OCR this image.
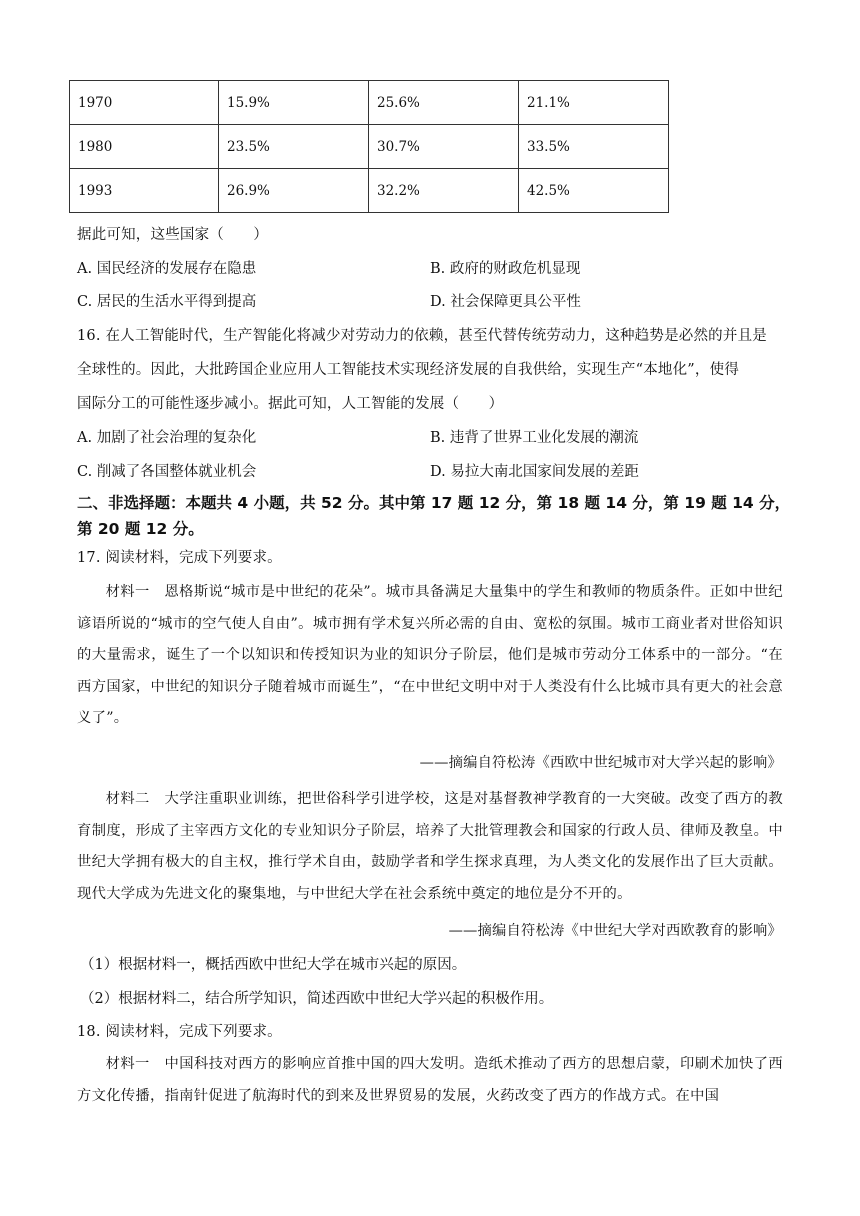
1970	15.9%	25.6%	21.1%
1980	23.5%	30.7%	33.5%
1993	26.9%	32.2%	42.5%
据此可知，这些国家（　　）
A. 国民经济的发展存在隐患	B. 政府的财政危机显现
C. 居民的生活水平得到提高	D. 社会保障更具公平性
16. 在人工智能时代，生产智能化将减少对劳动力的依赖，甚至代替传统劳动力，这种趋势是必然的并且是
全球性的。因此，大批跨国企业应用人工智能技术实现经济发展的自我供给，实现生产“本地化”，使得
国际分工的可能性逐步减小。据此可知，人工智能的发展（　　）
A. 加剧了社会治理的复杂化	B. 违背了世界工业化发展的潮流
C. 削减了各国整体就业机会	D. 易拉大南北国家间发展的差距
二、非选择题：本题共 4 小题，共 52 分。其中第 17 题 12 分，第 18 题 14 分，第 19 题 14 分，
第 20 题 12 分。
17. 阅读材料，完成下列要求。
材料一　恩格斯说“城市是中世纪的花朵”。城市具备满足大量集中的学生和教师的物质条件。正如中世纪谚语所说的“城市的空气使人自由”。城市拥有学术复兴所必需的自由、宽松的氛围。城市工商业者对世俗知识的大量需求，诞生了一个以知识和传授知识为业的知识分子阶层，他们是城市劳动分工体系中的一部分。“在西方国家，中世纪的知识分子随着城市而诞生”，“在中世纪文明中对于人类没有什么比城市具有更大的社会意义了”。
——摘编自符松涛《西欧中世纪城市对大学兴起的影响》
材料二　大学注重职业训练，把世俗科学引进学校，这是对基督教神学教育的一大突破。改变了西方的教育制度，形成了主宰西方文化的专业知识分子阶层，培养了大批管理教会和国家的行政人员、律师及教皇。中世纪大学拥有极大的自主权，推行学术自由，鼓励学者和学生探求真理，为人类文化的发展作出了巨大贡献。现代大学成为先进文化的聚集地，与中世纪大学在社会系统中奠定的地位是分不开的。
——摘编自符松涛《中世纪大学对西欧教育的影响》
（1）根据材料一，概括西欧中世纪大学在城市兴起的原因。
（2）根据材料二，结合所学知识，简述西欧中世纪大学兴起的积极作用。
18. 阅读材料，完成下列要求。
材料一　中国科技对西方的影响应首推中国的四大发明。造纸术推动了西方的思想启蒙，印刷术加快了西方文化传播，指南针促进了航海时代的到来及世界贸易的发展，火药改变了西方的作战方式。在中国
